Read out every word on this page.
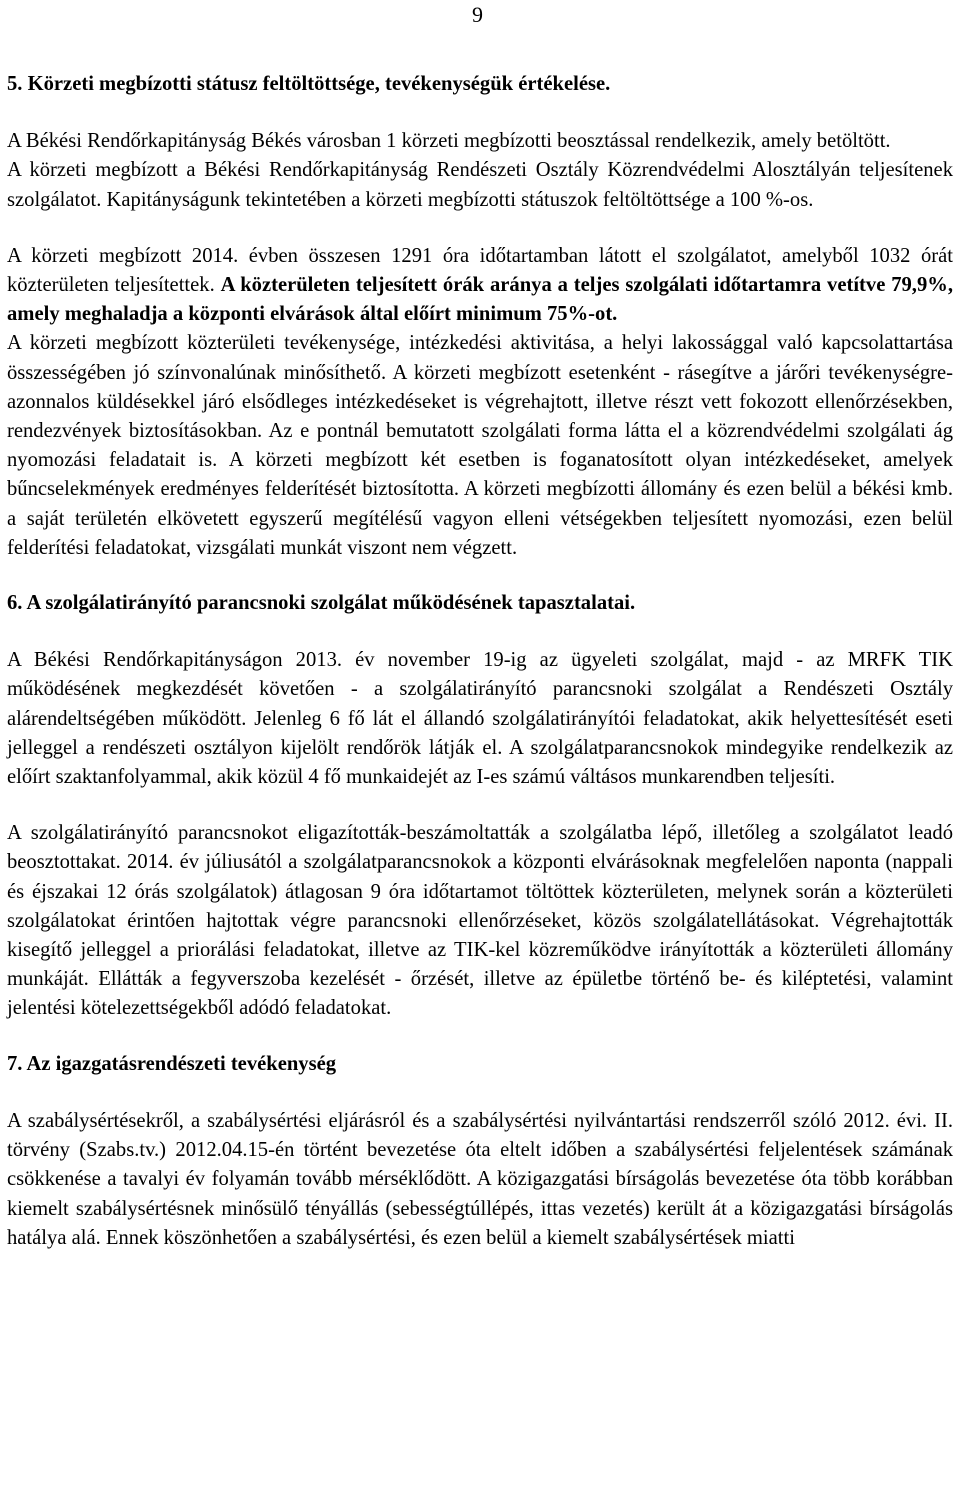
9

5. Körzeti megbízotti státusz feltöltöttsége, tevékenységük értékelése.

A Békési Rendőrkapitányság Békés városban 1 körzeti megbízotti beosztással rendelkezik, amely betöltött.

A körzeti megbízott a Békési Rendőrkapitányság Rendészeti Osztály Közrendvédelmi Alosztályán teljesítenek szolgálatot. Kapitányságunk tekintetében a körzeti megbízotti státuszok feltöltöttsége a 100 %-os.

A körzeti megbízott 2014. évben összesen 1291 óra időtartamban látott el szolgálatot, amelyből 1032 órát közterületen teljesítettek. A közterületen teljesített órák aránya a teljes szolgálati időtartamra vetítve 79,9%, amely meghaladja a központi elvárások által előírt minimum 75%-ot.

A körzeti megbízott közterületi tevékenysége, intézkedési aktivitása, a helyi lakossággal való kapcsolattartása összességében jó színvonalúnak minősíthető. A körzeti megbízott esetenként - rásegítve a járőri tevékenységre- azonnalos küldésekkel járó elsődleges intézkedéseket is végrehajtott, illetve részt vett fokozott ellenőrzésekben, rendezvények biztosításokban. Az e pontnál bemutatott szolgálati forma látta el a közrendvédelmi szolgálati ág nyomozási feladatait is. A körzeti megbízott két esetben is foganatosított olyan intézkedéseket, amelyek bűncselekmények eredményes felderítését biztosította. A körzeti megbízotti állomány és ezen belül a békési kmb. a saját területén elkövetett egyszerű megítélésű vagyon elleni vétségekben teljesített nyomozási, ezen belül felderítési feladatokat, vizsgálati munkát viszont nem végzett.

6. A szolgálatirányító parancsnoki szolgálat működésének tapasztalatai.

A Békési Rendőrkapitányságon 2013. év november 19-ig az ügyeleti szolgálat, majd - az MRFK TIK működésének megkezdését követően - a szolgálatirányító parancsnoki szolgálat a Rendészeti Osztály alárendeltségében működött. Jelenleg 6 fő lát el állandó szolgálatirányítói feladatokat, akik helyettesítését eseti jelleggel a rendészeti osztályon kijelölt rendőrök látják el. A szolgálatparancsnokok mindegyike rendelkezik az előírt szaktanfolyammal, akik közül 4 fő munkaidejét az I-es számú váltásos munkarendben teljesíti.

A szolgálatirányító parancsnokot eligazították-beszámoltatták a szolgálatba lépő, illetőleg a szolgálatot leadó beosztottakat. 2014. év júliusától a szolgálatparancsnokok a központi elvárásoknak megfelelően naponta (nappali és éjszakai 12 órás szolgálatok) átlagosan 9 óra időtartamot töltöttek közterületen, melynek során a közterületi szolgálatokat érintően hajtottak végre parancsnoki ellenőrzéseket, közös szolgálatellátásokat. Végrehajtották kisegítő jelleggel a priorálási feladatokat, illetve az TIK-kel közreműködve irányították a közterületi állomány munkáját. Ellátták a fegyverszoba kezelését - őrzését, illetve az épületbe történő be- és kiléptetési, valamint jelentési kötelezettségekből adódó feladatokat.

7. Az igazgatásrendészeti tevékenység

A szabálysértésekről, a szabálysértési eljárásról és a szabálysértési nyilvántartási rendszerről szóló 2012. évi. II. törvény (Szabs.tv.) 2012.04.15-én történt bevezetése óta eltelt időben a szabálysértési feljelentések számának csökkenése a tavalyi év folyamán tovább mérséklődött. A közigazgatási bírságolás bevezetése óta több korábban kiemelt szabálysértésnek minősülő tényállás (sebességtúllépés, ittas vezetés) került át a közigazgatási bírságolás hatálya alá. Ennek köszönhetően a szabálysértési, és ezen belül a kiemelt szabálysértések miatti
